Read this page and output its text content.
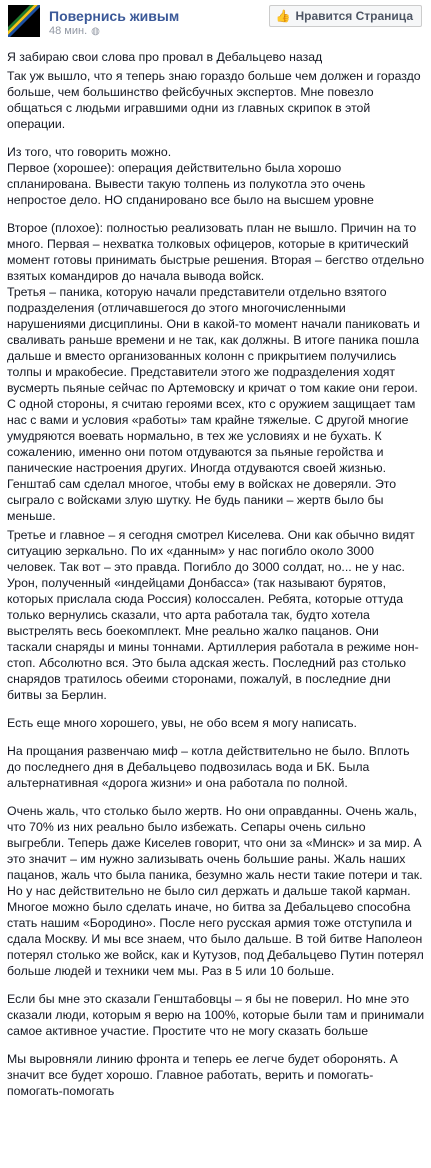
Повернись живым
48 мин. ◍
👍 Нравится Страница

Я забираю свои слова про провал в Дебальцево назад

Так уж вышло, что я теперь знаю гораздо больше чем должен и гораздо больше, чем большинство фейсбучных экспертов. Мне повезло общаться с людьми игравшими одни из главных скрипок в этой операции.

Из того, что говорить можно.
Первое (хорошее): операция действительно была хорошо спланирована. Вывести такую толпень из полукотла это очень непростое дело. НО спданировано все было на высшем уровне

Второе (плохое): полностью реализовать план не вышло. Причин на то много. Первая – нехватка толковых офицеров, которые в критический момент готовы принимать быстрые решения. Вторая – бегство отдельно взятых командиров до начала вывода войск.
Третья – паника, которую начали представители отдельно взятого подразделения (отличавшегося до этого многочисленными нарушениями дисциплины. Они в какой-то момент начали паниковать и сваливать раньше времени и не так, как должны. В итоге паника пошла дальше и вместо организованных колонн с прикрытием получились толпы и мракобесие. Представители этого же подразделения ходят вусмерть пьяные сейчас по Артемовску и кричат о том какие они герои. С одной стороны, я считаю героями всех, кто с оружием защищает там нас с вами и условия «работы» там крайне тяжелые. С другой многие умудряются воевать нормально, в тех же условиях и не бухать. К сожалению, именно они потом отдуваются за пьяные геройства и панические настроения других. Иногда отдуваются своей жизнью. Генштаб сам сделал многое, чтобы ему в войсках не доверяли. Это сыграло с войсками злую шутку. Не будь паники – жертв было бы меньше.

Третье и главное – я сегодня смотрел Киселева. Они как обычно видят ситуацию зеркально. По их «данным» у нас погибло около 3000 человек. Так вот – это правда. Погибло до 3000 солдат, но... не у нас. Урон, полученный «индейцами Донбасса» (так называют бурятов, которых прислала сюда Россия) колоссален. Ребята, которые оттуда только вернулись сказали, что арта работала так, будто хотела выстрелять весь боекомплект. Мне реально жалко пацанов. Они таскали снаряды и мины тоннами. Артиллерия работала в режиме нон-стоп. Абсолютно вся. Это была адская жесть. Последний раз столько снарядов тратилось обеими сторонами, пожалуй, в последние дни битвы за Берлин.

Есть еще много хорошего, увы, не обо всем я могу написать.

На прощания развенчаю миф – котла действительно не было. Вплоть до последнего дня в Дебальцево подвозилась вода и БК. Была альтернативная «дорога жизни» и она работала по полной.

Очень жаль, что столько было жертв. Но они оправданны. Очень жаль, что 70% из них реально было избежать. Сепары очень сильно выгребли. Теперь даже Киселев говорит, что они за «Минск» и за мир. А это значит – им нужно зализывать очень большие раны. Жаль наших пацанов, жаль что была паника, безумно жаль нести такие потери и так. Но у нас действительно не было сил держать и дальше такой карман. Многое можно было сделать иначе, но битва за Дебальцево способна стать нашим «Бородино». После него русская армия тоже отступила и сдала Москву. И мы все знаем, что было дальше. В той битве Наполеон потерял столько же войск, как и Кутузов, под Дебальцево Путин потерял больше людей и техники чем мы. Раз в 5 или 10 больше.

Если бы мне это сказали Генштабовцы – я бы не поверил. Но мне это сказали люди, которым я верю на 100%, которые были там и принимали самое активное участие. Простите что не могу сказать больше

Мы выровняли линию фронта и теперь ее легче будет оборонять. А значит все будет хорошо. Главное работать, верить и помогать-помогать-помогать
